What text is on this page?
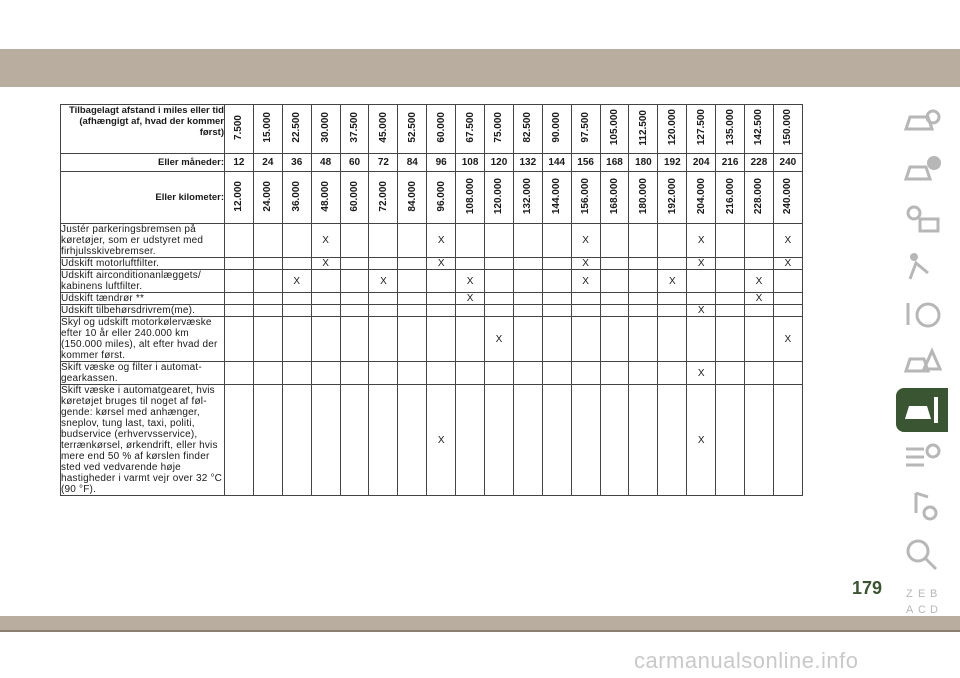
Tilbagelagt afstand i miles eller tid (afhængigt af, hvad der kommer først)	7.500	15.000	22.500	30.000	37.500	45.000	52.500	60.000	67.500	75.000	82.500	90.000	97.500	105.000	112.500	120.000	127.500	135.000	142.500	150.000
Eller måneder:	12	24	36	48	60	72	84	96	108	120	132	144	156	168	180	192	204	216	228	240
Eller kilometer:	12.000	24.000	36.000	48.000	60.000	72.000	84.000	96.000	108.000	120.000	132.000	144.000	156.000	168.000	180.000	192.000	204.000	216.000	228.000	240.000
Justér parkeringsbremsen på køretøjer, som er udstyret med firhjulsskivebremser.				X				X					X				X			X
Udskift motorluftfilter.				X				X					X				X			X
Udskift airconditionanlæggets/ kabinens luftfilter.			X			X			X				X			X			X	
Udskift tændrør **									X										X	
Udskift tilbehørsdrivrem(me).																	X			
Skyl og udskift motorkølervæske efter 10 år eller 240.000 km (150.000 miles), alt efter hvad der kommer først.										X										X
Skift væske og filter i automat- gearkassen.																	X			
Skift væske i automatgearet, hvis køretøjet bruges til noget af føl- gende: kørsel med anhænger, sneplov, tung last, taxi, politi, budservice (erhvervsservice), terrænkørsel, ørkendrift, eller hvis mere end 50 % af kørslen finder sted ved vedvarende høje hastigheder i varmt vejr over 32 °C (90 °F).								X									X			
Z E B
A C D
179
carmanualsonline.info
